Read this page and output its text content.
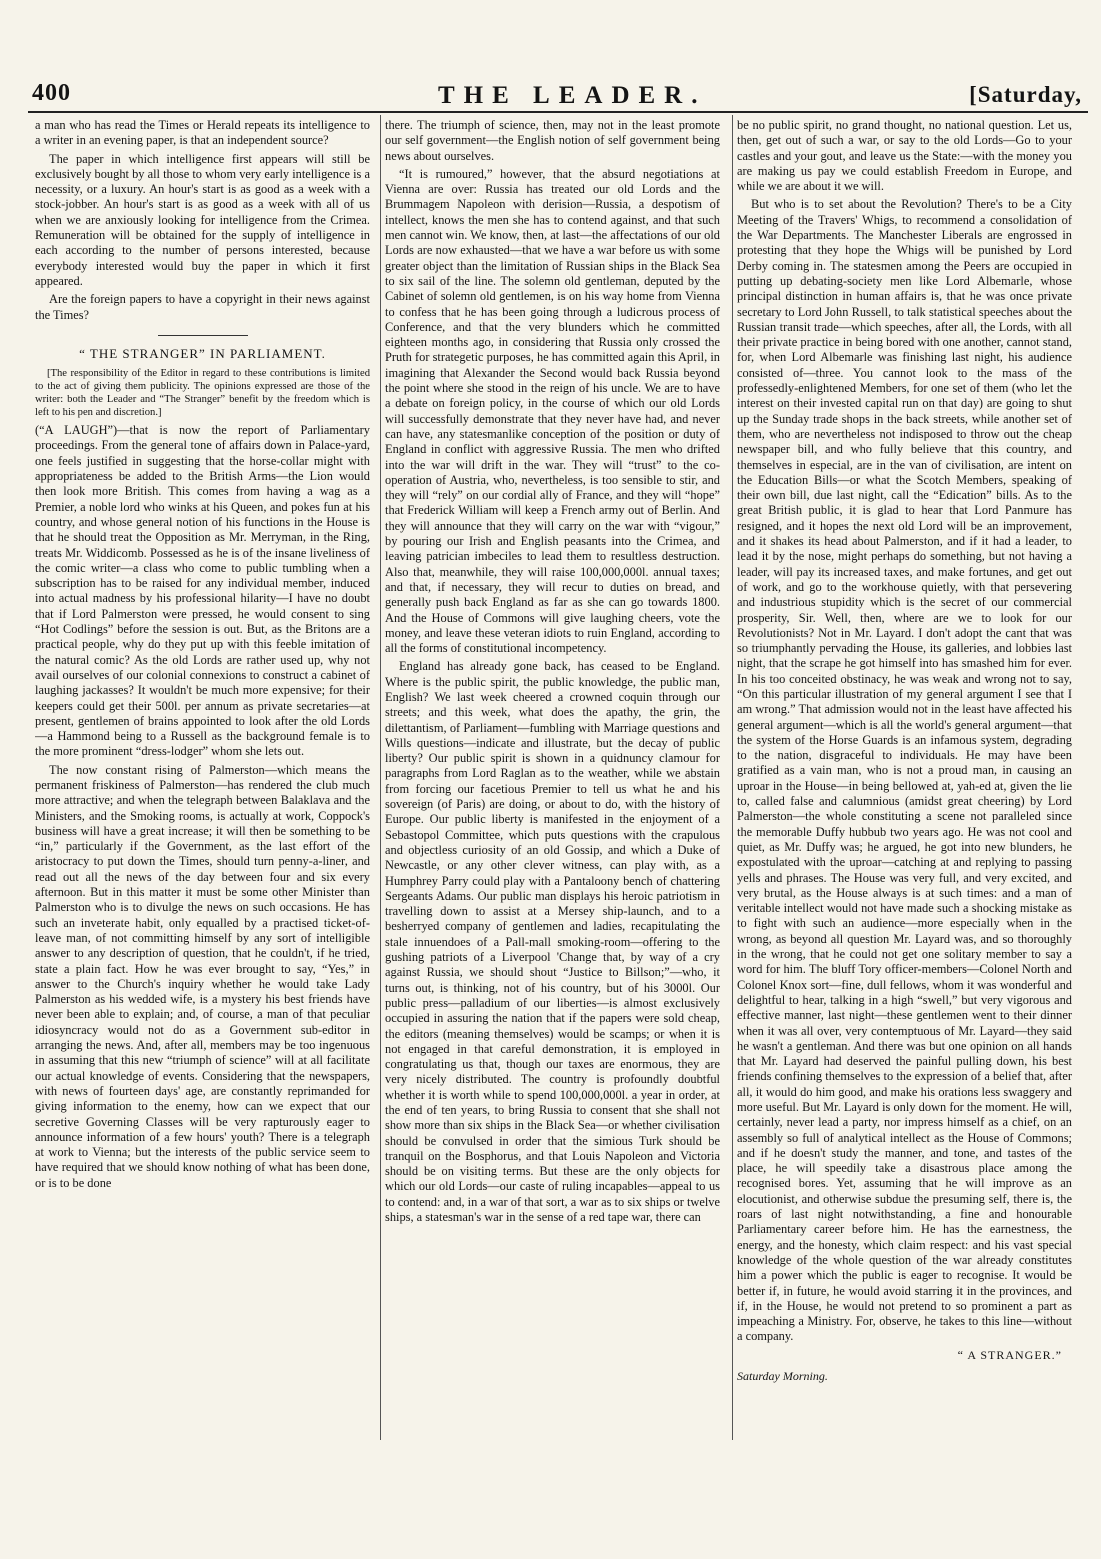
400	THE LEADER.	[Saturday,

a man who has read the Times or Herald repeats its intelligence to a writer in an evening paper, is that an independent source?

The paper in which intelligence first appears will still be exclusively bought by all those to whom very early intelligence is a necessity, or a luxury. An hour's start is as good as a week with a stock-jobber. An hour's start is as good as a week with all of us when we are anxiously looking for intelligence from the Crimea. Remuneration will be obtained for the supply of intelligence in each according to the number of persons interested, because everybody interested would buy the paper in which it first appeared.

Are the foreign papers to have a copyright in their news against the Times?

“ THE STRANGER” IN PARLIAMENT.

[The responsibility of the Editor in regard to these contributions is limited to the act of giving them publicity. The opinions expressed are those of the writer: both the Leader and “The Stranger” benefit by the freedom which is left to his pen and discretion.]

(“A LAUGH”)—that is now the report of Parliamentary proceedings. From the general tone of affairs down in Palace-yard, one feels justified in suggesting that the horse-collar might with appropriateness be added to the British Arms—the Lion would then look more British. This comes from having a wag as a Premier, a noble lord who winks at his Queen, and pokes fun at his country, and whose general notion of his functions in the House is that he should treat the Opposition as Mr. Merryman, in the Ring, treats Mr. Widdicomb. Possessed as he is of the insane liveliness of the comic writer—a class who come to public tumbling when a subscription has to be raised for any individual member, induced into actual madness by his professional hilarity—I have no doubt that if Lord Palmerston were pressed, he would consent to sing “Hot Codlings” before the session is out. But, as the Britons are a practical people, why do they put up with this feeble imitation of the natural comic? As the old Lords are rather used up, why not avail ourselves of our colonial connexions to construct a cabinet of laughing jackasses? It wouldn't be much more expensive; for their keepers could get their 500l. per annum as private secretaries—at present, gentlemen of brains appointed to look after the old Lords—a Hammond being to a Russell as the background female is to the more prominent “dress-lodger” whom she lets out.

The now constant rising of Palmerston—which means the permanent friskiness of Palmerston—has rendered the club much more attractive; and when the telegraph between Balaklava and the Ministers, and the Smoking rooms, is actually at work, Coppock's business will have a great increase; it will then be something to be “in,” particularly if the Government, as the last effort of the aristocracy to put down the Times, should turn penny-a-liner, and read out all the news of the day between four and six every afternoon. But in this matter it must be some other Minister than Palmerston who is to divulge the news on such occasions. He has such an inveterate habit, only equalled by a practised ticket-of-leave man, of not committing himself by any sort of intelligible answer to any description of question, that he couldn't, if he tried, state a plain fact. How he was ever brought to say, “Yes,” in answer to the Church's inquiry whether he would take Lady Palmerston as his wedded wife, is a mystery his best friends have never been able to explain; and, of course, a man of that peculiar idiosyncracy would not do as a Government sub-editor in arranging the news. And, after all, members may be too ingenuous in assuming that this new “triumph of science” will at all facilitate our actual knowledge of events. Considering that the newspapers, with news of fourteen days' age, are constantly reprimanded for giving information to the enemy, how can we expect that our secretive Governing Classes will be very rapturously eager to announce information of a few hours' youth? There is a telegraph at work to Vienna; but the interests of the public service seem to have required that we should know nothing of what has been done, or is to be done

there. The triumph of science, then, may not in the least promote our self government—the English notion of self government being news about ourselves.

“It is rumoured,” however, that the absurd negotiations at Vienna are over: Russia has treated our old Lords and the Brummagem Napoleon with derision—Russia, a despotism of intellect, knows the men she has to contend against, and that such men cannot win. We know, then, at last—the affectations of our old Lords are now exhausted—that we have a war before us with some greater object than the limitation of Russian ships in the Black Sea to six sail of the line. The solemn old gentleman, deputed by the Cabinet of solemn old gentlemen, is on his way home from Vienna to confess that he has been going through a ludicrous process of Conference, and that the very blunders which he committed eighteen months ago, in considering that Russia only crossed the Pruth for strategetic purposes, he has committed again this April, in imagining that Alexander the Second would back Russia beyond the point where she stood in the reign of his uncle. We are to have a debate on foreign policy, in the course of which our old Lords will successfully demonstrate that they never have had, and never can have, any statesmanlike conception of the position or duty of England in conflict with aggressive Russia. The men who drifted into the war will drift in the war. They will “trust” to the co-operation of Austria, who, nevertheless, is too sensible to stir, and they will “rely” on our cordial ally of France, and they will “hope” that Frederick William will keep a French army out of Berlin. And they will announce that they will carry on the war with “vigour,” by pouring our Irish and English peasants into the Crimea, and leaving patrician imbeciles to lead them to resultless destruction. Also that, meanwhile, they will raise 100,000,000l. annual taxes; and that, if necessary, they will recur to duties on bread, and generally push back England as far as she can go towards 1800. And the House of Commons will give laughing cheers, vote the money, and leave these veteran idiots to ruin England, according to all the forms of constitutional incompetency.

England has already gone back, has ceased to be England. Where is the public spirit, the public knowledge, the public man, English? We last week cheered a crowned coquin through our streets; and this week, what does the apathy, the grin, the dilettantism, of Parliament—fumbling with Marriage questions and Wills questions—indicate and illustrate, but the decay of public liberty? Our public spirit is shown in a quidnuncy clamour for paragraphs from Lord Raglan as to the weather, while we abstain from forcing our facetious Premier to tell us what he and his sovereign (of Paris) are doing, or about to do, with the history of Europe. Our public liberty is manifested in the enjoyment of a Sebastopol Committee, which puts questions with the crapulous and objectless curiosity of an old Gossip, and which a Duke of Newcastle, or any other clever witness, can play with, as a Humphrey Parry could play with a Pantaloony bench of chattering Sergeants Adams. Our public man displays his heroic patriotism in travelling down to assist at a Mersey ship-launch, and to a besherryed company of gentlemen and ladies, recapitulating the stale innuendoes of a Pall-mall smoking-room—offering to the gushing patriots of a Liverpool 'Change that, by way of a cry against Russia, we should shout “Justice to Billson;”—who, it turns out, is thinking, not of his country, but of his 3000l. Our public press—palladium of our liberties—is almost exclusively occupied in assuring the nation that if the papers were sold cheap, the editors (meaning themselves) would be scamps; or when it is not engaged in that careful demonstration, it is employed in congratulating us that, though our taxes are enormous, they are very nicely distributed. The country is profoundly doubtful whether it is worth while to spend 100,000,000l. a year in order, at the end of ten years, to bring Russia to consent that she shall not show more than six ships in the Black Sea—or whether civilisation should be convulsed in order that the simious Turk should be tranquil on the Bosphorus, and that Louis Napoleon and Victoria should be on visiting terms. But these are the only objects for which our old Lords—our caste of ruling incapables—appeal to us to contend: and, in a war of that sort, a war as to six ships or twelve ships, a statesman's war in the sense of a red tape war, there can

be no public spirit, no grand thought, no national question. Let us, then, get out of such a war, or say to the old Lords—Go to your castles and your gout, and leave us the State:—with the money you are making us pay we could establish Freedom in Europe, and while we are about it we will.

But who is to set about the Revolution? There's to be a City Meeting of the Travers' Whigs, to recommend a consolidation of the War Departments. The Manchester Liberals are engrossed in protesting that they hope the Whigs will be punished by Lord Derby coming in. The statesmen among the Peers are occupied in putting up debating-society men like Lord Albemarle, whose principal distinction in human affairs is, that he was once private secretary to Lord John Russell, to talk statistical speeches about the Russian transit trade—which speeches, after all, the Lords, with all their private practice in being bored with one another, cannot stand, for, when Lord Albemarle was finishing last night, his audience consisted of—three. You cannot look to the mass of the professedly-enlightened Members, for one set of them (who let the interest on their invested capital run on that day) are going to shut up the Sunday trade shops in the back streets, while another set of them, who are nevertheless not indisposed to throw out the cheap newspaper bill, and who fully believe that this country, and themselves in especial, are in the van of civilisation, are intent on the Education Bills—or what the Scotch Members, speaking of their own bill, due last night, call the “Edication” bills. As to the great British public, it is glad to hear that Lord Panmure has resigned, and it hopes the next old Lord will be an improvement, and it shakes its head about Palmerston, and if it had a leader, to lead it by the nose, might perhaps do something, but not having a leader, will pay its increased taxes, and make fortunes, and get out of work, and go to the workhouse quietly, with that persevering and industrious stupidity which is the secret of our commercial prosperity, Sir. Well, then, where are we to look for our Revolutionists? Not in Mr. Layard. I don't adopt the cant that was so triumphantly pervading the House, its galleries, and lobbies last night, that the scrape he got himself into has smashed him for ever. In his too conceited obstinacy, he was weak and wrong not to say, “On this particular illustration of my general argument I see that I am wrong.” That admission would not in the least have affected his general argument—which is all the world's general argument—that the system of the Horse Guards is an infamous system, degrading to the nation, disgraceful to individuals. He may have been gratified as a vain man, who is not a proud man, in causing an uproar in the House—in being bellowed at, yah-ed at, given the lie to, called false and calumnious (amidst great cheering) by Lord Palmerston—the whole constituting a scene not paralleled since the memorable Duffy hubbub two years ago. He was not cool and quiet, as Mr. Duffy was; he argued, he got into new blunders, he expostulated with the uproar—catching at and replying to passing yells and phrases. The House was very full, and very excited, and very brutal, as the House always is at such times: and a man of veritable intellect would not have made such a shocking mistake as to fight with such an audience—more especially when in the wrong, as beyond all question Mr. Layard was, and so thoroughly in the wrong, that he could not get one solitary member to say a word for him. The bluff Tory officer-members—Colonel North and Colonel Knox sort—fine, dull fellows, whom it was wonderful and delightful to hear, talking in a high “swell,” but very vigorous and effective manner, last night—these gentlemen went to their dinner when it was all over, very contemptuous of Mr. Layard—they said he wasn't a gentleman. And there was but one opinion on all hands that Mr. Layard had deserved the painful pulling down, his best friends confining themselves to the expression of a belief that, after all, it would do him good, and make his orations less swaggery and more useful. But Mr. Layard is only down for the moment. He will, certainly, never lead a party, nor impress himself as a chief, on an assembly so full of analytical intellect as the House of Commons; and if he doesn't study the manner, and tone, and tastes of the place, he will speedily take a disastrous place among the recognised bores. Yet, assuming that he will improve as an elocutionist, and otherwise subdue the presuming self, there is, the roars of last night notwithstanding, a fine and honourable Parliamentary career before him. He has the earnestness, the energy, and the honesty, which claim respect: and his vast special knowledge of the whole question of the war already constitutes him a power which the public is eager to recognise. It would be better if, in future, he would avoid starring it in the provinces, and if, in the House, he would not pretend to so prominent a part as impeaching a Ministry. For, observe, he takes to this line—without a company.

“ A STRANGER.”

Saturday Morning.
